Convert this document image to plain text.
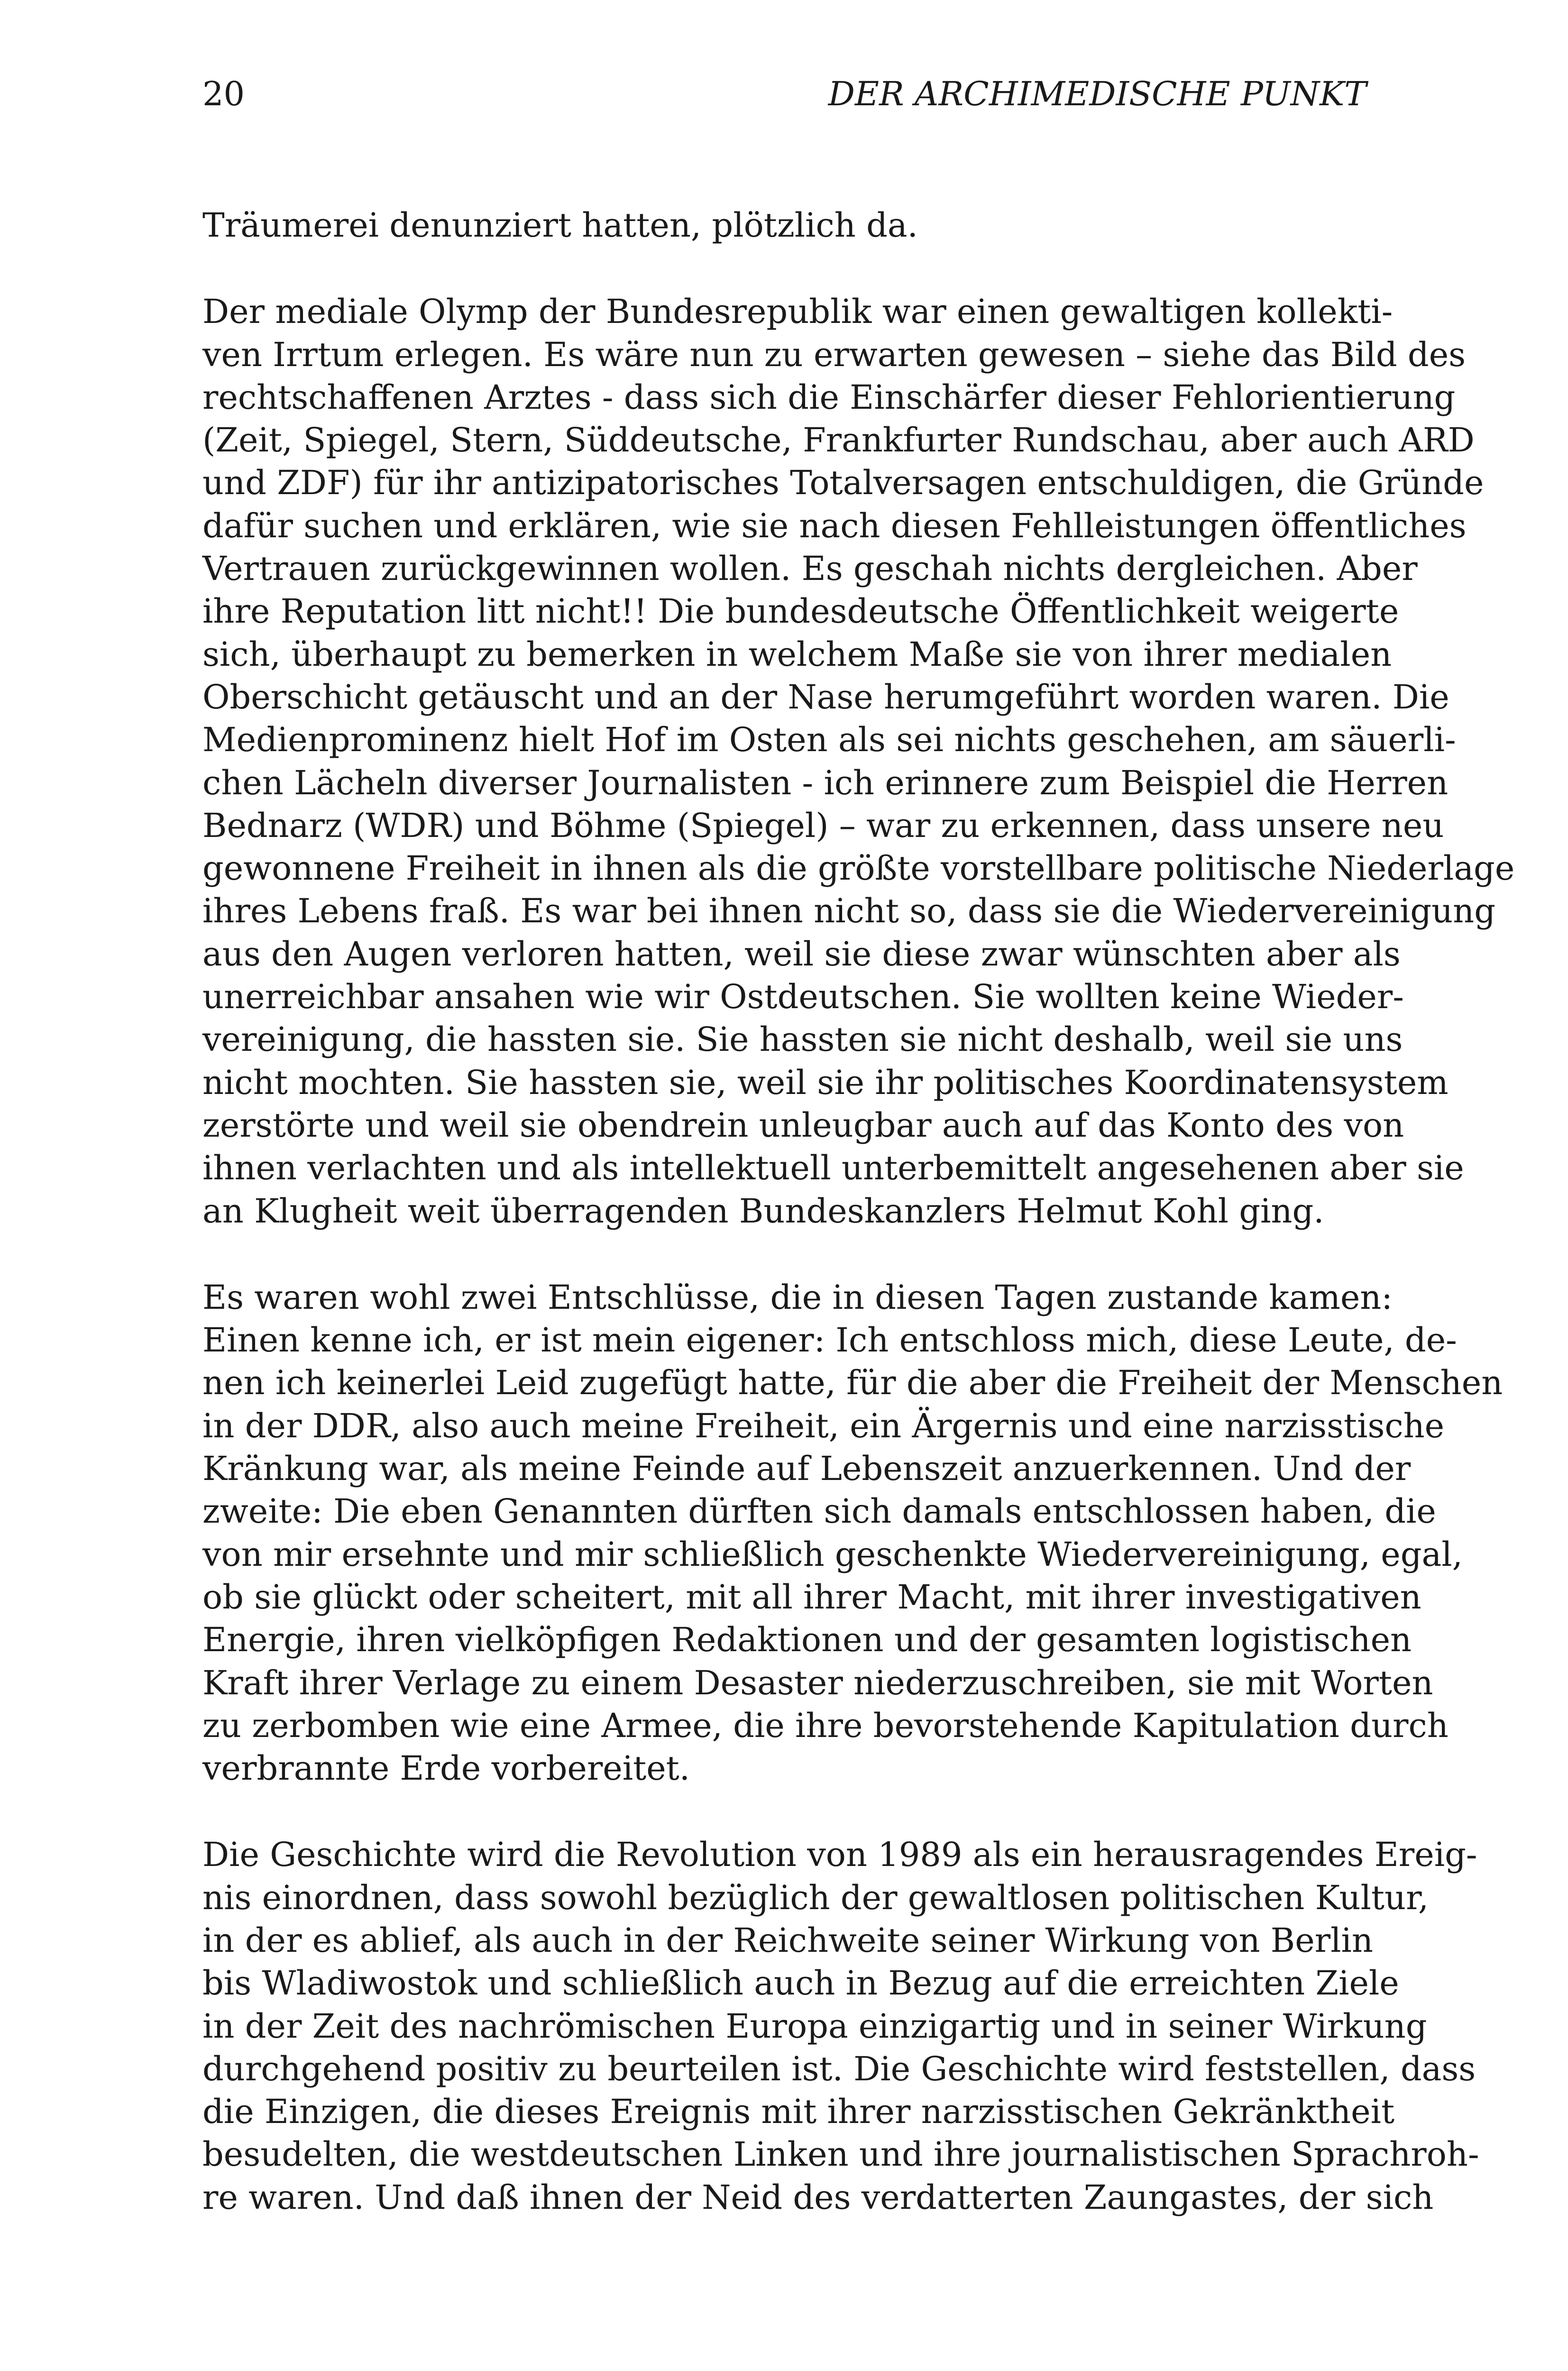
20	DER ARCHIMEDISCHE PUNKT
Träumerei denunziert hatten, plötzlich da.
Der mediale Olymp der Bundesrepublik war einen gewaltigen kollekti-
ven Irrtum erlegen. Es wäre nun zu erwarten gewesen – siehe das Bild des
rechtschaffenen Arztes - dass sich die Einschärfer dieser Fehlorientierung
(Zeit, Spiegel, Stern, Süddeutsche, Frankfurter Rundschau, aber auch ARD
und ZDF) für ihr antizipatorisches Totalversagen entschuldigen, die Gründe
dafür suchen und erklären, wie sie nach diesen Fehlleistungen öffentliches
Vertrauen zurückgewinnen wollen. Es geschah nichts dergleichen. Aber
ihre Reputation litt nicht!! Die bundesdeutsche Öffentlichkeit weigerte
sich, überhaupt zu bemerken in welchem Maße sie von ihrer medialen
Oberschicht getäuscht und an der Nase herumgeführt worden waren. Die
Medienprominenz hielt Hof im Osten als sei nichts geschehen, am säuerli-
chen Lächeln diverser Journalisten - ich erinnere zum Beispiel die Herren
Bednarz (WDR) und Böhme (Spiegel) – war zu erkennen, dass unsere neu
gewonnene Freiheit in ihnen als die größte vorstellbare politische Niederlage
ihres Lebens fraß. Es war bei ihnen nicht so, dass sie die Wiedervereinigung
aus den Augen verloren hatten, weil sie diese zwar wünschten aber als
unerreichbar ansahen wie wir Ostdeutschen. Sie wollten keine Wieder-
vereinigung, die hassten sie. Sie hassten sie nicht deshalb, weil sie uns
nicht mochten. Sie hassten sie, weil sie ihr politisches Koordinatensystem
zerstörte und weil sie obendrein unleugbar auch auf das Konto des von
ihnen verlachten und als intellektuell unterbemittelt angesehenen aber sie
an Klugheit weit überragenden Bundeskanzlers Helmut Kohl ging.
Es waren wohl zwei Entschlüsse, die in diesen Tagen zustande kamen:
Einen kenne ich, er ist mein eigener: Ich entschloss mich, diese Leute, de-
nen ich keinerlei Leid zugefügt hatte, für die aber die Freiheit der Menschen
in der DDR, also auch meine Freiheit, ein Ärgernis und eine narzisstische
Kränkung war, als meine Feinde auf Lebenszeit anzuerkennen. Und der
zweite: Die eben Genannten dürften sich damals entschlossen haben, die
von mir ersehnte und mir schließlich geschenkte Wiedervereinigung, egal,
ob sie glückt oder scheitert, mit all ihrer Macht, mit ihrer investigativen
Energie, ihren vielköpfigen Redaktionen und der gesamten logistischen
Kraft ihrer Verlage zu einem Desaster niederzuschreiben, sie mit Worten
zu zerbomben wie eine Armee, die ihre bevorstehende Kapitulation durch
verbrannte Erde vorbereitet.
Die Geschichte wird die Revolution von 1989 als ein herausragendes Ereig-
nis einordnen, dass sowohl bezüglich der gewaltlosen politischen Kultur,
in der es ablief, als auch in der Reichweite seiner Wirkung von Berlin
bis Wladiwostok und schließlich auch in Bezug auf die erreichten Ziele
in der Zeit des nachrömischen Europa einzigartig und in seiner Wirkung
durchgehend positiv zu beurteilen ist. Die Geschichte wird feststellen, dass
die Einzigen, die dieses Ereignis mit ihrer narzisstischen Gekränktheit
besudelten, die westdeutschen Linken und ihre journalistischen Sprachroh-
re waren. Und daß ihnen der Neid des verdatterten Zaungastes, der sich
